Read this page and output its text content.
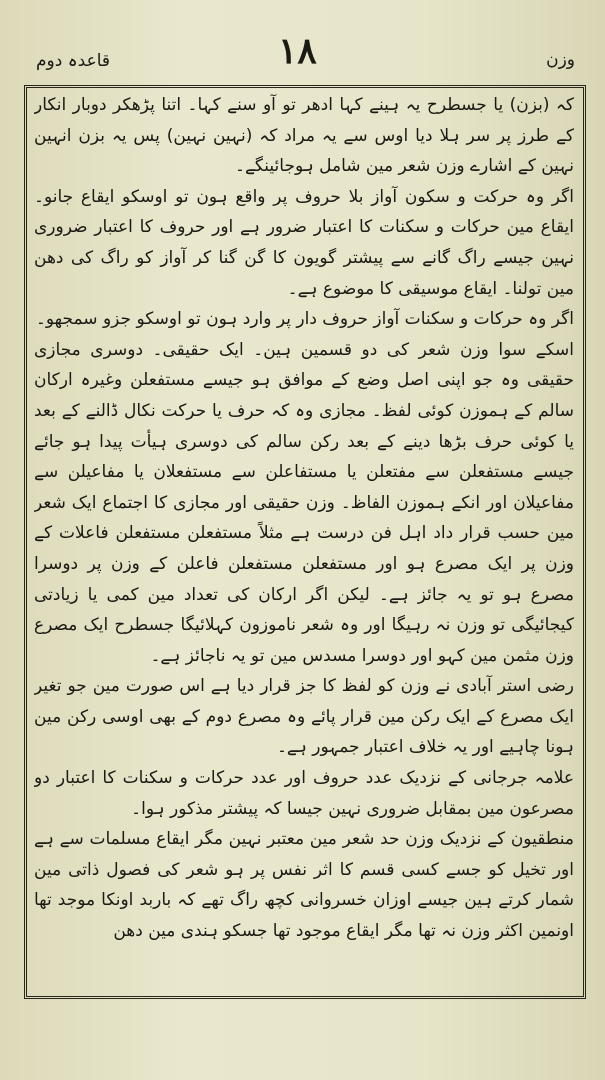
قاعدہ دوم	۱۸	وزن

کہ (بزن) یا جسطرح یہ ہینے کہا ادھر تو آو سنے کہا۔ اتنا پڑھکر دوبار انکار کے طرز پر سر ہلا دیا اوس سے یہ مراد کہ (نہین نہین) پس یہ بزن انہین نہین کے اشارے وزن شعر مین شامل ہوجائینگے۔

اگر وہ حرکت و سکون آواز بلا حروف پر واقع ہون تو اوسکو ایقاع جانو۔ ایقاع مین حرکات و سکنات کا اعتبار ضرور ہے اور حروف کا اعتبار ضروری نہین جیسے راگ گانے سے پیشتر گویون کا گن گنا کر آواز کو راگ کی دھن مین تولنا۔ ایقاع موسیقی کا موضوع ہے۔

اگر وہ حرکات و سکنات آواز حروف دار پر وارد ہون تو اوسکو جزو سمجھو۔

اسکے سوا وزن شعر کی دو قسمین ہین۔ ایک حقیقی۔ دوسری مجازی حقیقی وہ جو اپنی اصل وضع کے موافق ہو جیسے مستفعلن وغیرہ ارکان سالم کے ہموزن کوئی لفظ۔ مجازی وہ کہ حرف یا حرکت نکال ڈالنے کے بعد یا کوئی حرف بڑھا دینے کے بعد رکن سالم کی دوسری ہیأت پیدا ہو جائے جیسے مستفعلن سے مفتعلن یا مستفاعلن سے مستفعلان یا مفاعیلن سے مفاعیلان اور انکے ہموزن الفاظ۔ وزن حقیقی اور مجازی کا اجتماع ایک شعر مین حسب قرار داد اہل فن درست ہے مثلاً مستفعلن مستفعلن فاعلات کے وزن پر ایک مصرع ہو اور مستفعلن مستفعلن فاعلن کے وزن پر دوسرا مصرع ہو تو یہ جائز ہے۔ لیکن اگر ارکان کی تعداد مین کمی یا زیادتی کیجائیگی تو وزن نہ رہیگا اور وہ شعر ناموزون کہلائیگا جسطرح ایک مصرع وزن مثمن مین کہو اور دوسرا مسدس مین تو یہ ناجائز ہے۔

رضی استر آبادی نے وزن کو لفظ کا جز قرار دیا ہے اس صورت مین جو تغیر ایک مصرع کے ایک رکن مین قرار پائے وہ مصرع دوم کے بھی اوسی رکن مین ہونا چاہیے اور یہ خلاف اعتبار جمہور ہے۔

علامہ جرجانی کے نزدیک عدد حروف اور عدد حرکات و سکنات کا اعتبار دو مصرعون مین بمقابل ضروری نہین جیسا کہ پیشتر مذکور ہوا۔

منطقیون کے نزدیک وزن حد شعر مین معتبر نہین مگر ایقاع مسلمات سے ہے اور تخیل کو جسے کسی قسم کا اثر نفس پر ہو شعر کی فصول ذاتی مین شمار کرتے ہین جیسے اوزان خسروانی کچھ راگ تھے کہ باربد اونکا موجد تھا اونمین اکثر وزن نہ تھا مگر ایقاع موجود تھا جسکو ہندی مین دھن
